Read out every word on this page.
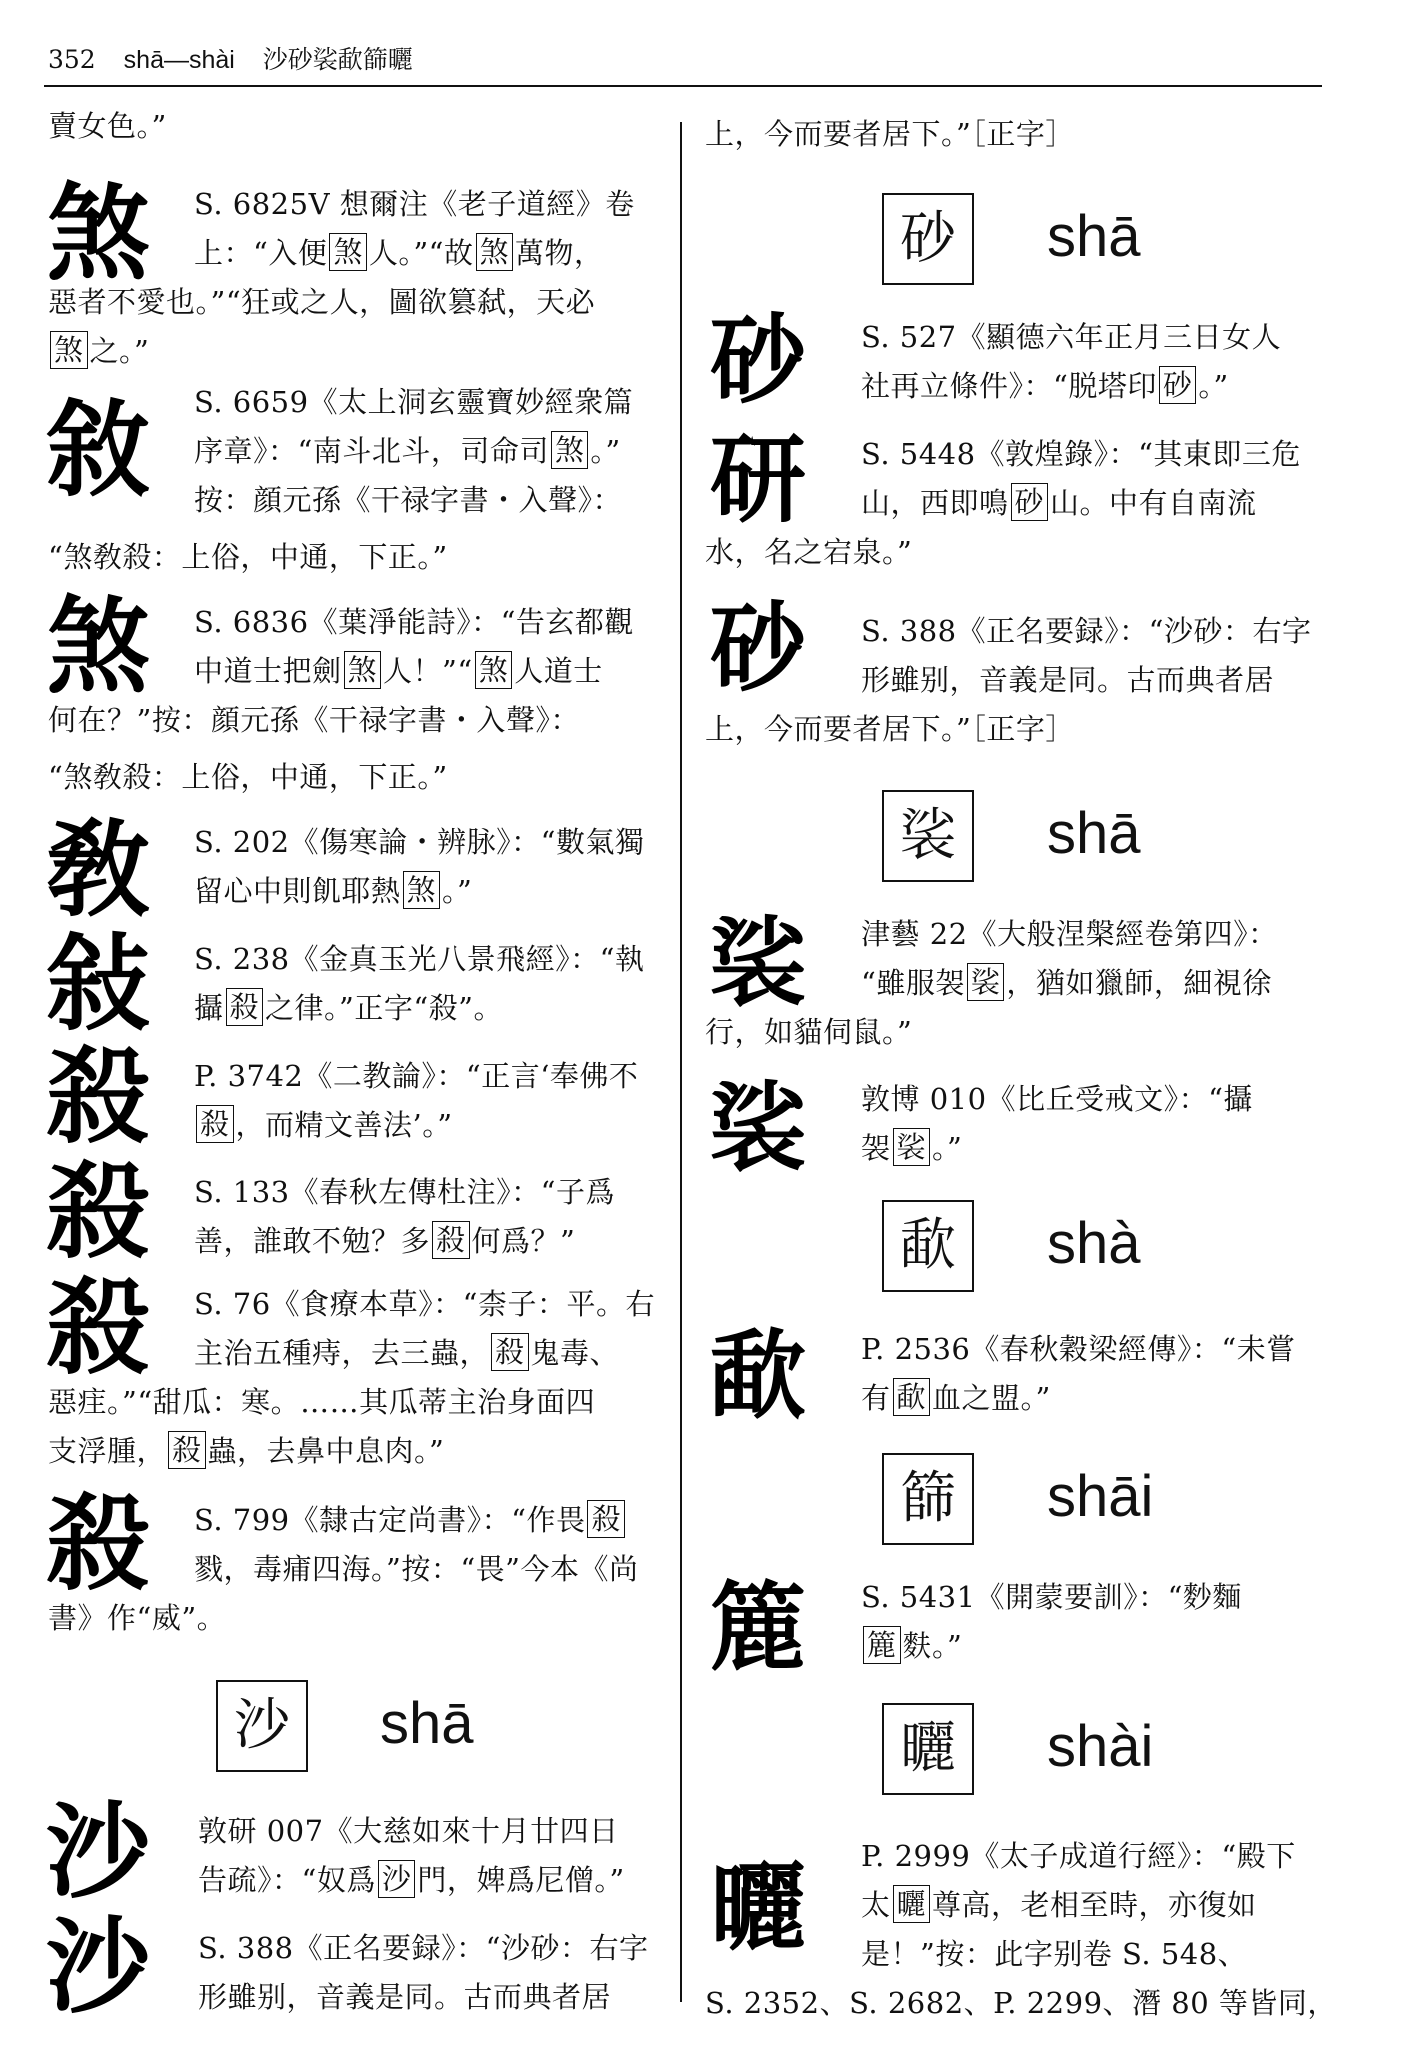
352 shā—shài 沙砂裟歃篩曬
賣女色。”
煞 S. 6825V 想爾注《老子道經》卷
上：“入便 煞 人。”“故 煞 萬物，
惡者不愛也。”“狂或之人，圖欲篡弑，天必
煞 之。”
敘 S. 6659《太上洞玄靈寶妙經衆篇
序章》：“南斗北斗，司命司 煞 。”
按：顔元孫《干禄字書・入聲》：
“煞敎殺：上俗，中通，下正。”
煞 S. 6836《葉淨能詩》：“告玄都觀
中道士把劍 煞 人！”“ 煞 人道士
何在？”按：顔元孫《干禄字書・入聲》：
“煞敎殺：上俗，中通，下正。”
敎 S. 202《傷寒論・辨脉》：“數氣獨
留心中則飢耶熱 煞 。”
敍 S. 238《金真玉光八景飛經》：“執
攝 殺 之律。”正字“殺”。
殺 P. 3742《二教論》：“正言‘奉佛不
殺 ，而精文善法’。”
殺 S. 133《春秋左傳杜注》：“子爲
善，誰敢不勉？多 殺 何爲？”
殺 S. 76《食療本草》：“柰子：平。右
主治五種痔，去三蟲， 殺 鬼毒、
惡疰。”“甜瓜：寒。……其瓜蒂主治身面四
支浮腫， 殺 蟲，去鼻中息肉。”
殺 S. 799《隸古定尚書》：“作畏 殺
戮，毒痡四海。”按：“畏”今本《尚
書》作“威”。
沙	shā
沙 敦研 007《大慈如來十月廿四日
告疏》：“奴爲 沙 門，婢爲尼僧。”
沙 S. 388《正名要録》：“沙砂：右字
形雖别，音義是同。古而典者居
上，今而要者居下。”［正字］
砂	shā
砂 S. 527《顯德六年正月三日女人
社再立條件》：“脱塔印 砂 。”
研 S. 5448《敦煌錄》：“其東即三危
山，西即鳴 砂 山。中有自南流
水，名之宕泉。”
砂 S. 388《正名要録》：“沙砂：右字
形雖别，音義是同。古而典者居
上，今而要者居下。”［正字］
裟	shā
裟 津藝 22《大般涅槃經卷第四》：
“雖服袈 裟 ，猶如獵師，細視徐
行，如貓伺鼠。”
裟 敦博 010《比丘受戒文》：“攝
袈 裟 。”
歃	shà
歃 P. 2536《春秋穀梁經傳》：“未嘗
有 歃 血之盟。”
篩	shāi
簏 S. 5431《開蒙要訓》：“麨麵
簏 麩。”
曬	shài
曬 P. 2999《太子成道行經》：“殿下
太 曬 尊高，老相至時，亦復如
是！”按：此字别卷 S. 548、
S. 2352、S. 2682、P. 2299、潛 80 等皆同，
